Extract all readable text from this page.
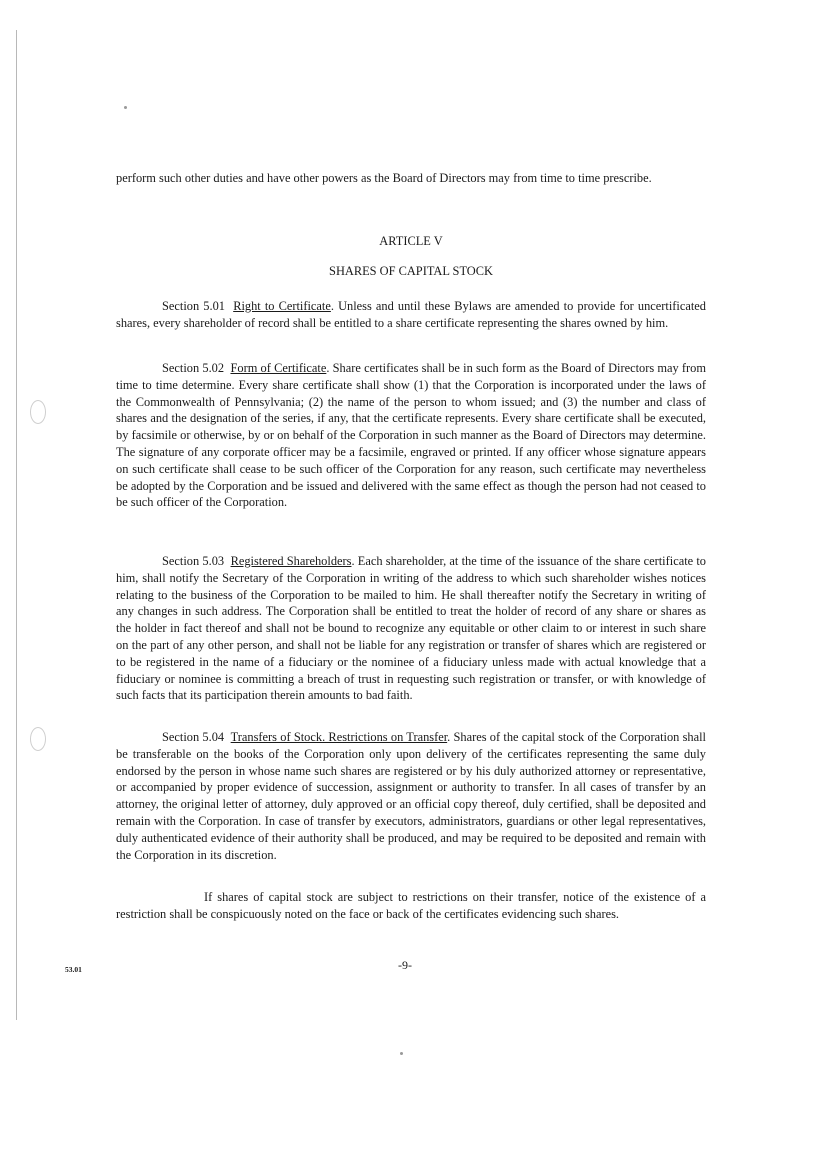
perform such other duties and have other powers as the Board of Directors may from time to time prescribe.
ARTICLE V
SHARES OF CAPITAL STOCK
Section 5.01 Right to Certificate. Unless and until these Bylaws are amended to provide for uncertificated shares, every shareholder of record shall be entitled to a share certificate representing the shares owned by him.
Section 5.02 Form of Certificate. Share certificates shall be in such form as the Board of Directors may from time to time determine. Every share certificate shall show (1) that the Corporation is incorporated under the laws of the Commonwealth of Pennsylvania; (2) the name of the person to whom issued; and (3) the number and class of shares and the designation of the series, if any, that the certificate represents. Every share certificate shall be executed, by facsimile or otherwise, by or on behalf of the Corporation in such manner as the Board of Directors may determine. The signature of any corporate officer may be a facsimile, engraved or printed. If any officer whose signature appears on such certificate shall cease to be such officer of the Corporation for any reason, such certificate may nevertheless be adopted by the Corporation and be issued and delivered with the same effect as though the person had not ceased to be such officer of the Corporation.
Section 5.03 Registered Shareholders. Each shareholder, at the time of the issuance of the share certificate to him, shall notify the Secretary of the Corporation in writing of the address to which such shareholder wishes notices relating to the business of the Corporation to be mailed to him. He shall thereafter notify the Secretary in writing of any changes in such address. The Corporation shall be entitled to treat the holder of record of any share or shares as the holder in fact thereof and shall not be bound to recognize any equitable or other claim to or interest in such share on the part of any other person, and shall not be liable for any registration or transfer of shares which are registered or to be registered in the name of a fiduciary or the nominee of a fiduciary unless made with actual knowledge that a fiduciary or nominee is committing a breach of trust in requesting such registration or transfer, or with knowledge of such facts that its participation therein amounts to bad faith.
Section 5.04 Transfers of Stock. Restrictions on Transfer. Shares of the capital stock of the Corporation shall be transferable on the books of the Corporation only upon delivery of the certificates representing the same duly endorsed by the person in whose name such shares are registered or by his duly authorized attorney or representative, or accompanied by proper evidence of succession, assignment or authority to transfer. In all cases of transfer by an attorney, the original letter of attorney, duly approved or an official copy thereof, duly certified, shall be deposited and remain with the Corporation. In case of transfer by executors, administrators, guardians or other legal representatives, duly authenticated evidence of their authority shall be produced, and may be required to be deposited and remain with the Corporation in its discretion.
If shares of capital stock are subject to restrictions on their transfer, notice of the existence of a restriction shall be conspicuously noted on the face or back of the certificates evidencing such shares.
53.01	-9-
